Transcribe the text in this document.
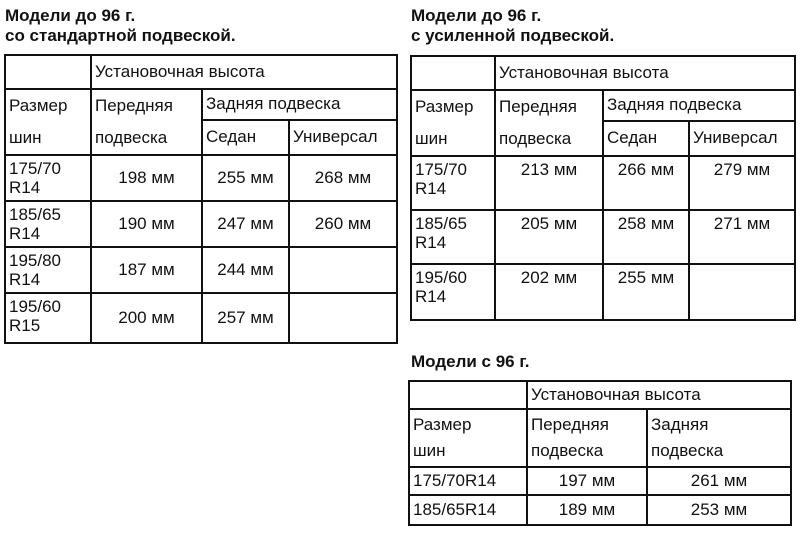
Модели до 96 г.
со стандартной подвеской.
	Установочная высота		

Размер
шин	Передняя
подвеска	Задняя подвеска	
		Седан	Универсал

175/70
R14	198 мм	255 мм	268 мм

185/65
R14	190 мм	247 мм	260 мм

195/80
R14	187 мм	244 мм	

195/60
R15	200 мм	257 мм	
Модели до 96 г.
с усиленной подвеской.
	Установочная высота		

Размер
шин	Передняя
подвеска	Задняя подвеска	
		Седан	Универсал

175/70
R14	213 мм	266 мм	279 мм

185/65
R14	205 мм	258 мм	271 мм

195/60
R14	202 мм	255 мм	
Модели с 96 г.
	Установочная высота	

Размер
шин	Передняя
подвеска	Задняя
подвеска

175/70R14	197 мм	261 мм
185/65R14	189 мм	253 мм
